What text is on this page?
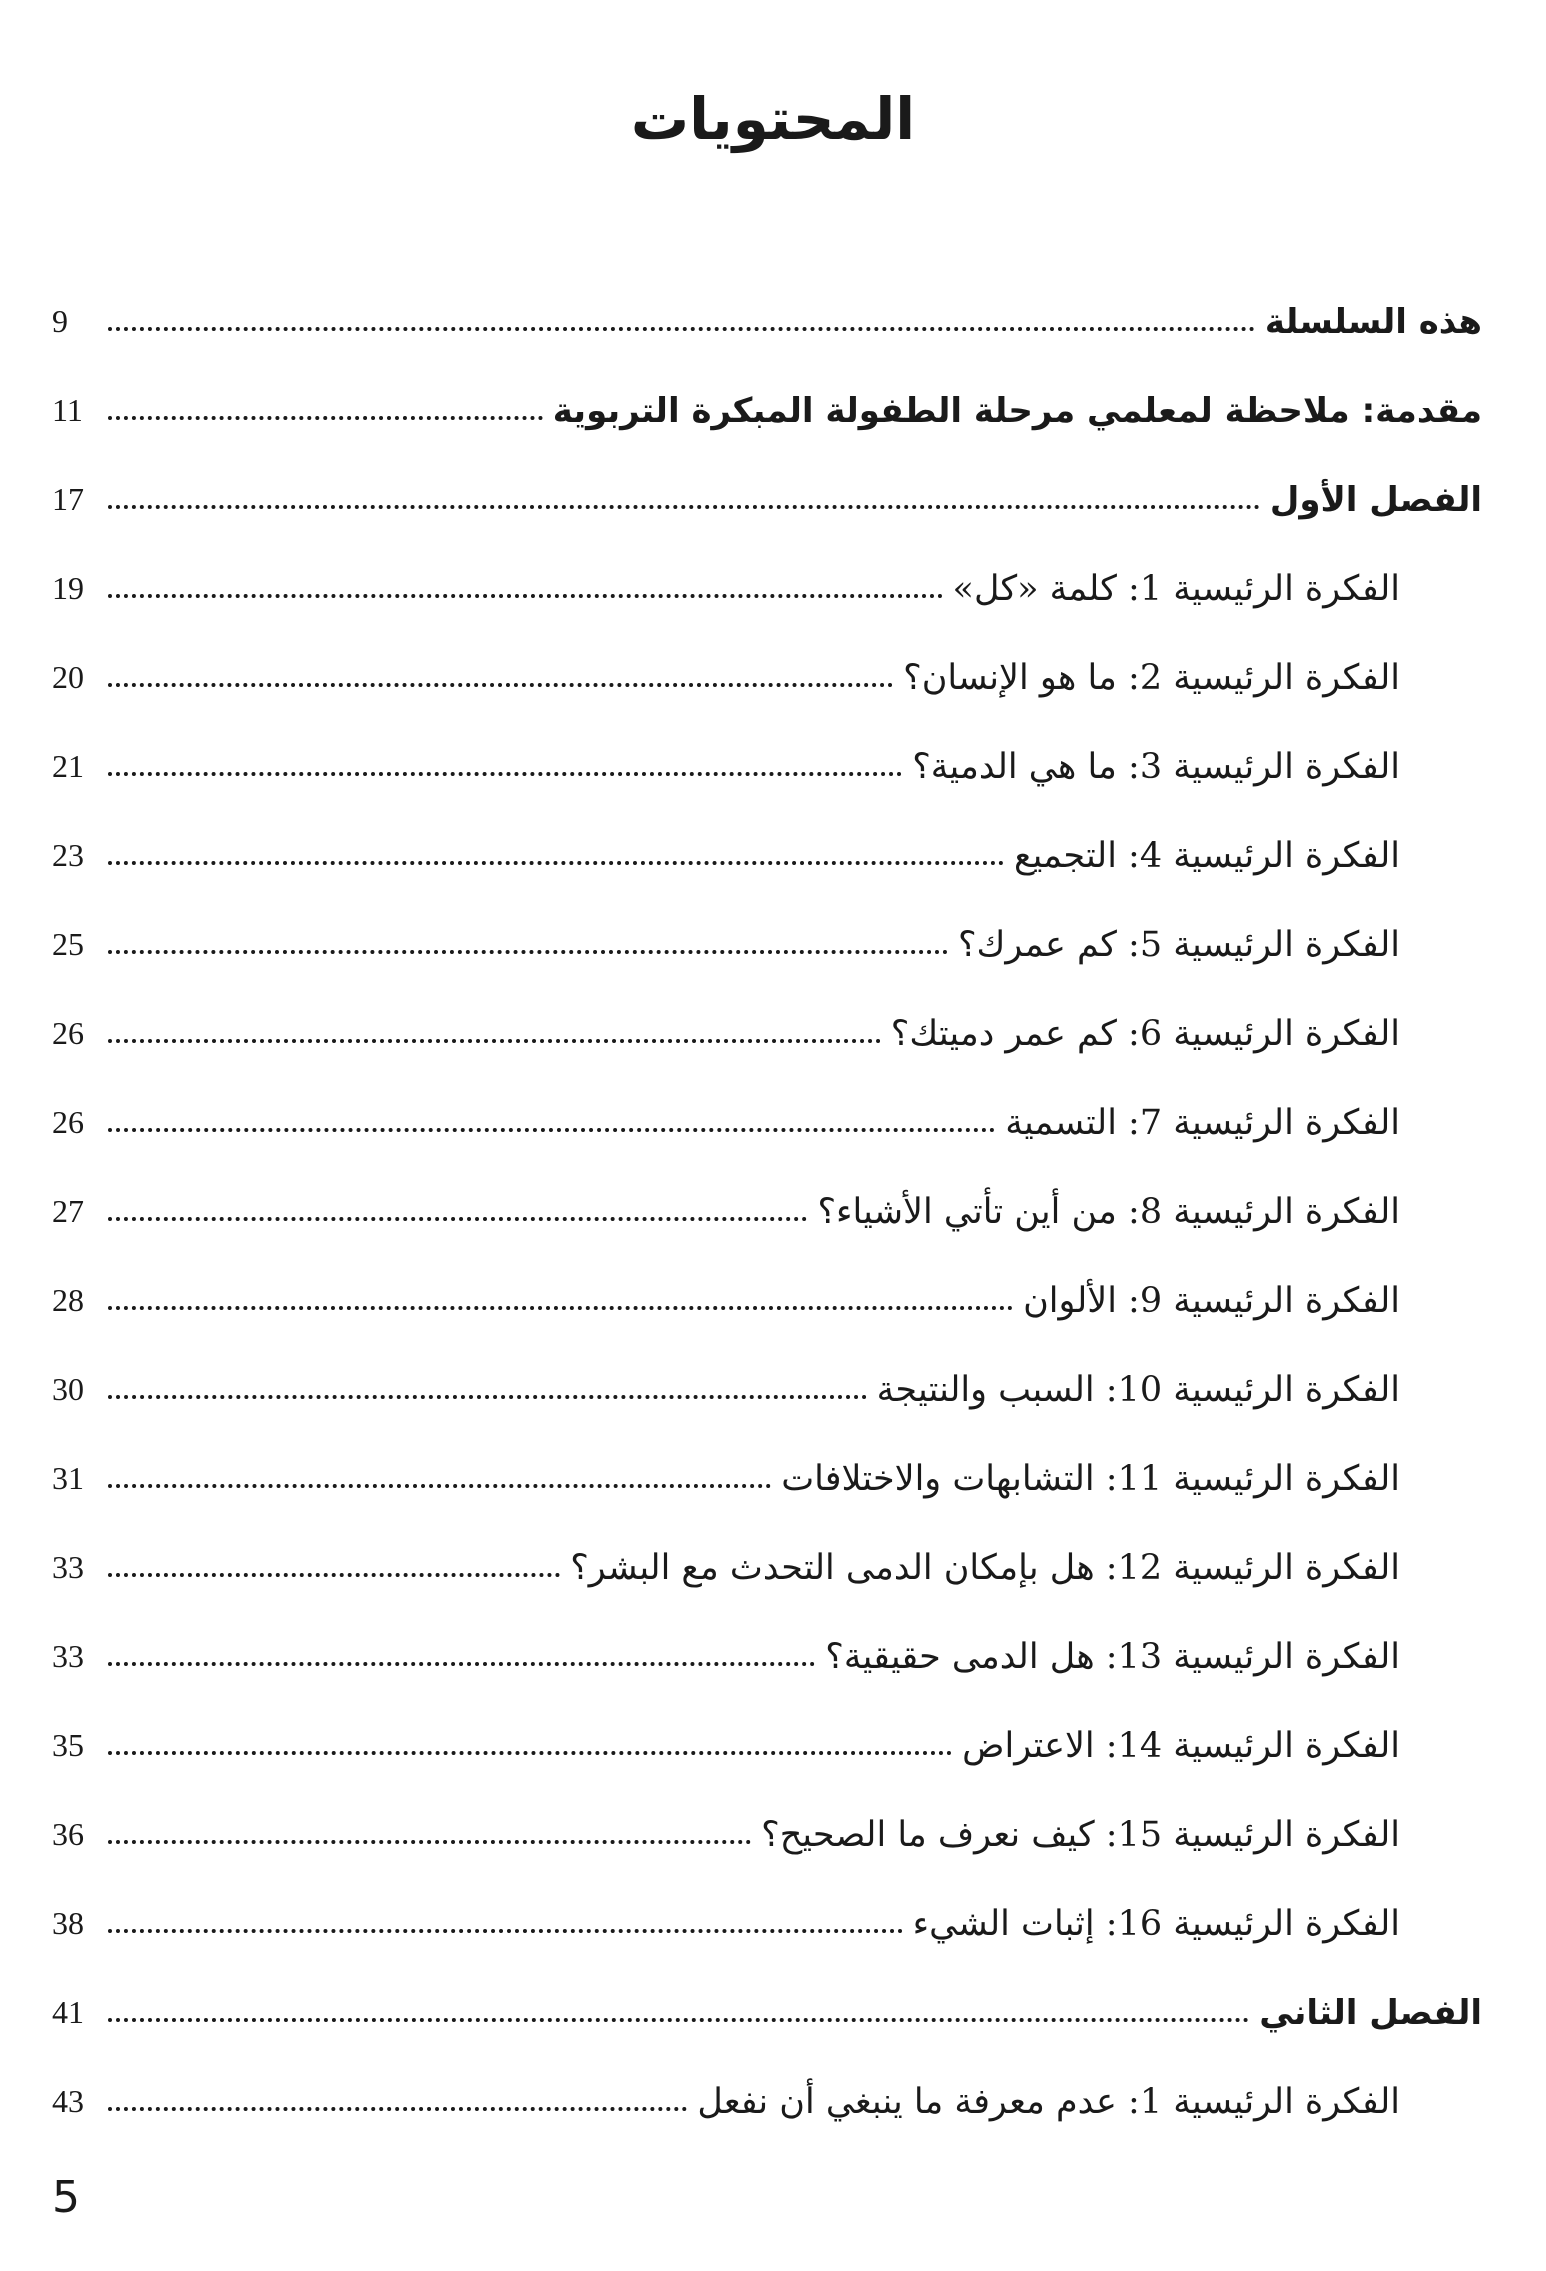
المحتويات
9	هذه السلسلة
11	مقدمة: ملاحظة لمعلمي مرحلة الطفولة المبكرة التربوية
17	الفصل الأول
19	الفكرة الرئيسية 1: كلمة «كل»
20	الفكرة الرئيسية 2: ما هو الإنسان؟
21	الفكرة الرئيسية 3: ما هي الدمية؟
23	الفكرة الرئيسية 4: التجميع
25	الفكرة الرئيسية 5: كم عمرك؟
26	الفكرة الرئيسية 6: كم عمر دميتك؟
26	الفكرة الرئيسية 7: التسمية
27	الفكرة الرئيسية 8: من أين تأتي الأشياء؟
28	الفكرة الرئيسية 9: الألوان
30	الفكرة الرئيسية 10: السبب والنتيجة
31	الفكرة الرئيسية 11: التشابهات والاختلافات
33	الفكرة الرئيسية 12: هل بإمكان الدمى التحدث مع البشر؟
33	الفكرة الرئيسية 13: هل الدمى حقيقية؟
35	الفكرة الرئيسية 14: الاعتراض
36	الفكرة الرئيسية 15: كيف نعرف ما الصحيح؟
38	الفكرة الرئيسية 16: إثبات الشيء
41	الفصل الثاني
43	الفكرة الرئيسية 1: عدم معرفة ما ينبغي أن نفعل
5
